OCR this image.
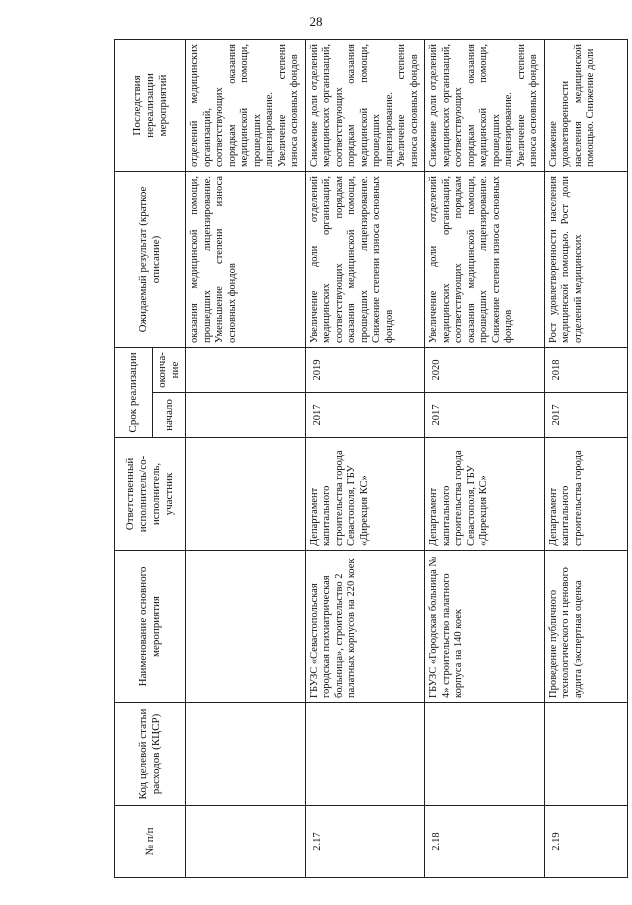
28
№ п/п	Код целевой статьи расходов (КЦСР)	Наименование основного мероприятия	Ответственный исполнитель/со-исполнитель, участник	Срок реализации		Ожидаемый результат (краткое описание)	Последствия нереализации мероприятий
				начало	оконча-ние		
						оказания медицинской помощи, прошедших лицензирование. Уменьшение степени износа основных фондов	отделений медицинских организаций, соответствующих порядкам оказания медицинской помощи, прошедших лицензирование. Увеличение степени износа основных фондов
2.17		ГБУЗС «Севастопольская городская психиатрическая больница», строительство 2 палатных корпусов на 220 коек	Департамент капитального строительства города Севастополя, ГБУ «Дирекция КС»	2017	2019	Увеличение доли отделений медицинских организаций, соответствующих порядкам оказания медицинской помощи, прошедших лицензирование. Снижение степени износа основных фондов	Снижение доли отделений медицинских организаций, соответствующих порядкам оказания медицинской помощи, прошедших лицензирование. Увеличение степени износа основных фондов
2.18		ГБУЗС «Городская больница № 4» строительство палатного корпуса на 140 коек	Департамент капитального строительства города Севастополя, ГБУ «Дирекция КС»	2017	2020	Увеличение доли отделений медицинских организаций, соответствующих порядкам оказания медицинской помощи, прошедших лицензирование. Снижение степени износа основных фондов	Снижение доли отделений медицинских организаций, соответствующих порядкам оказания медицинской помощи, прошедших лицензирование. Увеличение степени износа основных фондов
2.19		Проведение публичного технологического и ценового аудита (экспертная оценка	Департамент капитального строительства города	2017	2018	Рост удовлетворенности населения медицинской помощью. Рост доли отделений медицинских	Снижение удовлетворенности населения медицинской помощью. Снижение доли
